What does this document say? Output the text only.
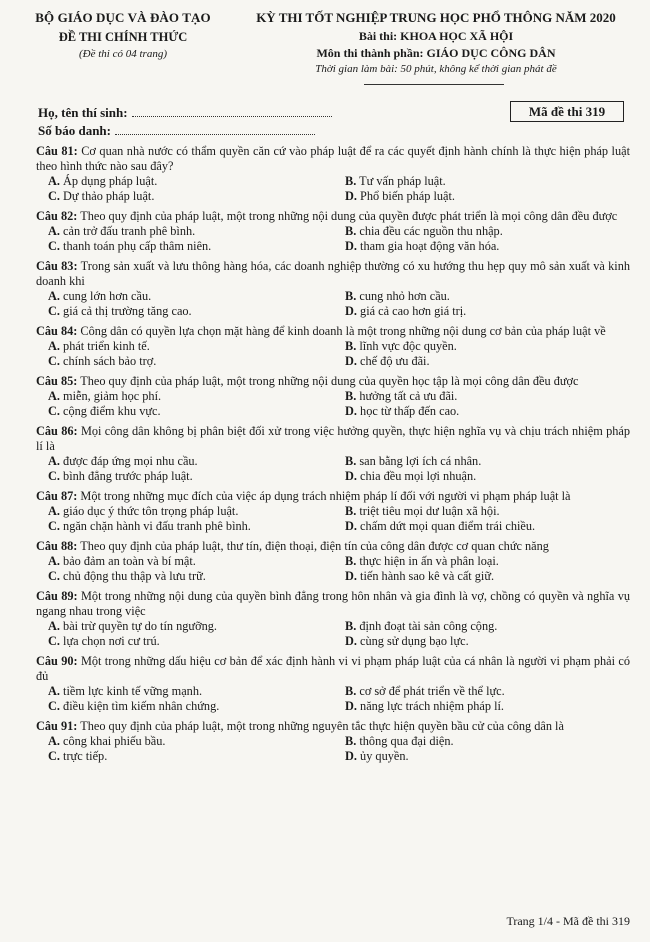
BỘ GIÁO DỤC VÀ ĐÀO TẠO
ĐỀ THI CHÍNH THỨC
(Đề thi có 04 trang)
KỲ THI TỐT NGHIỆP TRUNG HỌC PHỔ THÔNG NĂM 2020
Bài thi: KHOA HỌC XÃ HỘI
Môn thi thành phần: GIÁO DỤC CÔNG DÂN
Thời gian làm bài: 50 phút, không kể thời gian phát đề
Họ, tên thí sinh:
Số báo danh:
Mã đề thi 319
Câu 81: Cơ quan nhà nước có thẩm quyền căn cứ vào pháp luật để ra các quyết định hành chính là thực hiện pháp luật theo hình thức nào sau đây?
A. Áp dụng pháp luật.	B. Tư vấn pháp luật.
C. Dự thảo pháp luật.	D. Phổ biến pháp luật.
Câu 82: Theo quy định của pháp luật, một trong những nội dung của quyền được phát triển là mọi công dân đều được
A. cản trở đấu tranh phê bình.	B. chia đều các nguồn thu nhập.
C. thanh toán phụ cấp thâm niên.	D. tham gia hoạt động văn hóa.
Câu 83: Trong sản xuất và lưu thông hàng hóa, các doanh nghiệp thường có xu hướng thu hẹp quy mô sản xuất và kinh doanh khi
A. cung lớn hơn cầu.	B. cung nhỏ hơn cầu.
C. giá cả thị trường tăng cao.	D. giá cả cao hơn giá trị.
Câu 84: Công dân có quyền lựa chọn mặt hàng để kinh doanh là một trong những nội dung cơ bản của pháp luật về
A. phát triển kinh tế.	B. lĩnh vực độc quyền.
C. chính sách bảo trợ.	D. chế độ ưu đãi.
Câu 85: Theo quy định của pháp luật, một trong những nội dung của quyền học tập là mọi công dân đều được
A. miễn, giảm học phí.	B. hưởng tất cả ưu đãi.
C. cộng điểm khu vực.	D. học từ thấp đến cao.
Câu 86: Mọi công dân không bị phân biệt đối xử trong việc hưởng quyền, thực hiện nghĩa vụ và chịu trách nhiệm pháp lí là
A. được đáp ứng mọi nhu cầu.	B. san bằng lợi ích cá nhân.
C. bình đẳng trước pháp luật.	D. chia đều mọi lợi nhuận.
Câu 87: Một trong những mục đích của việc áp dụng trách nhiệm pháp lí đối với người vi phạm pháp luật là
A. giáo dục ý thức tôn trọng pháp luật.	B. triệt tiêu mọi dư luận xã hội.
C. ngăn chặn hành vi đấu tranh phê bình.	D. chấm dứt mọi quan điểm trái chiều.
Câu 88: Theo quy định của pháp luật, thư tín, điện thoại, điện tín của công dân được cơ quan chức năng
A. bảo đảm an toàn và bí mật.	B. thực hiện in ấn và phân loại.
C. chủ động thu thập và lưu trữ.	D. tiến hành sao kê và cất giữ.
Câu 89: Một trong những nội dung của quyền bình đẳng trong hôn nhân và gia đình là vợ, chồng có quyền và nghĩa vụ ngang nhau trong việc
A. bài trừ quyền tự do tín ngưỡng.	B. định đoạt tài sản công cộng.
C. lựa chọn nơi cư trú.	D. cùng sử dụng bạo lực.
Câu 90: Một trong những dấu hiệu cơ bản để xác định hành vi vi phạm pháp luật của cá nhân là người vi phạm phải có đủ
A. tiềm lực kinh tế vững mạnh.	B. cơ sở để phát triển về thể lực.
C. điều kiện tìm kiếm nhân chứng.	D. năng lực trách nhiệm pháp lí.
Câu 91: Theo quy định của pháp luật, một trong những nguyên tắc thực hiện quyền bầu cử của công dân là
A. công khai phiếu bầu.	B. thông qua đại diện.
C. trực tiếp.	D. ủy quyền.
Trang 1/4 - Mã đề thi 319
